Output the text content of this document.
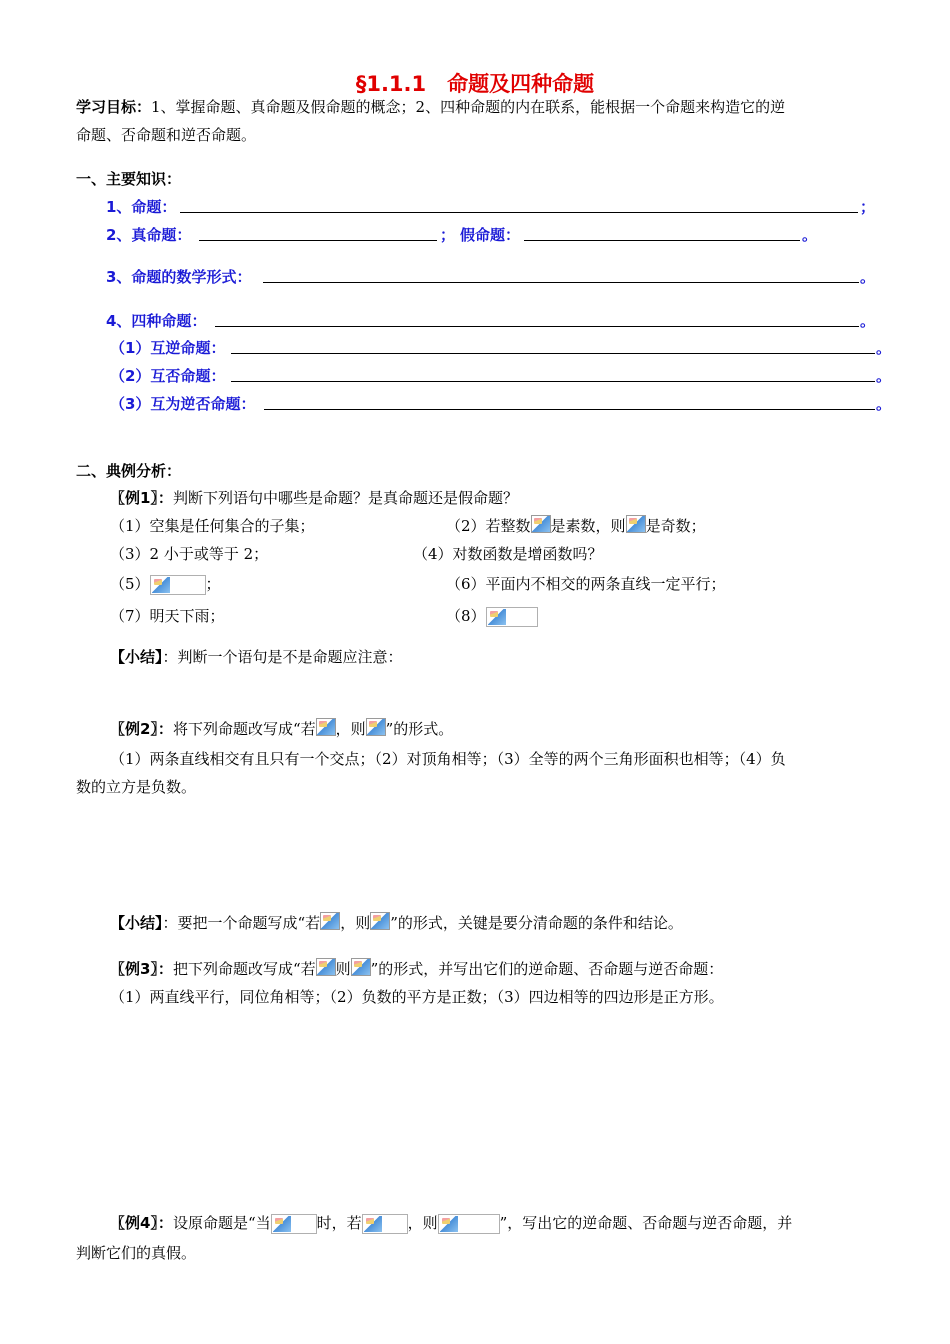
§1.1.1　命题及四种命题
学习目标：1、掌握命题、真命题及假命题的概念；2、四种命题的内在联系，能根据一个命题来构造它的逆
命题、否命题和逆否命题。
一、主要知识：
1、命题：	；
2、真命题：	； 假命题：	。
3、命题的数学形式：	。
4、四种命题：	。
（1）互逆命题：	。
（2）互否命题：	。
（3）互为逆否命题：	。
二、典例分析：
〖例1〗：判断下列语句中哪些是命题？是真命题还是假命题？
（1）空集是任何集合的子集；	（2）若整数 是素数，则 是奇数；
（3）2 小于或等于 2；	（4）对数函数是增函数吗？
（5）	；	（6）平面内不相交的两条直线一定平行；
（7）明天下雨；	（8）
【小结】：判断一个语句是不是命题应注意：
〖例2〗：将下列命题改写成“若 ，则 ”的形式。
（1）两条直线相交有且只有一个交点；（2）对顶角相等；（3）全等的两个三角形面积也相等；（4）负
数的立方是负数。
【小结】：要把一个命题写成“若 ，则 ”的形式，关键是要分清命题的条件和结论。
〖例3〗：把下列命题改写成“若 则 ”的形式，并写出它们的逆命题、否命题与逆否命题：
（1）两直线平行，同位角相等；（2）负数的平方是正数；（3）四边相等的四边形是正方形。
〖例4〗：设原命题是“当	时，若	，则	”，写出它的逆命题、否命题与逆否命题，并
判断它们的真假。
